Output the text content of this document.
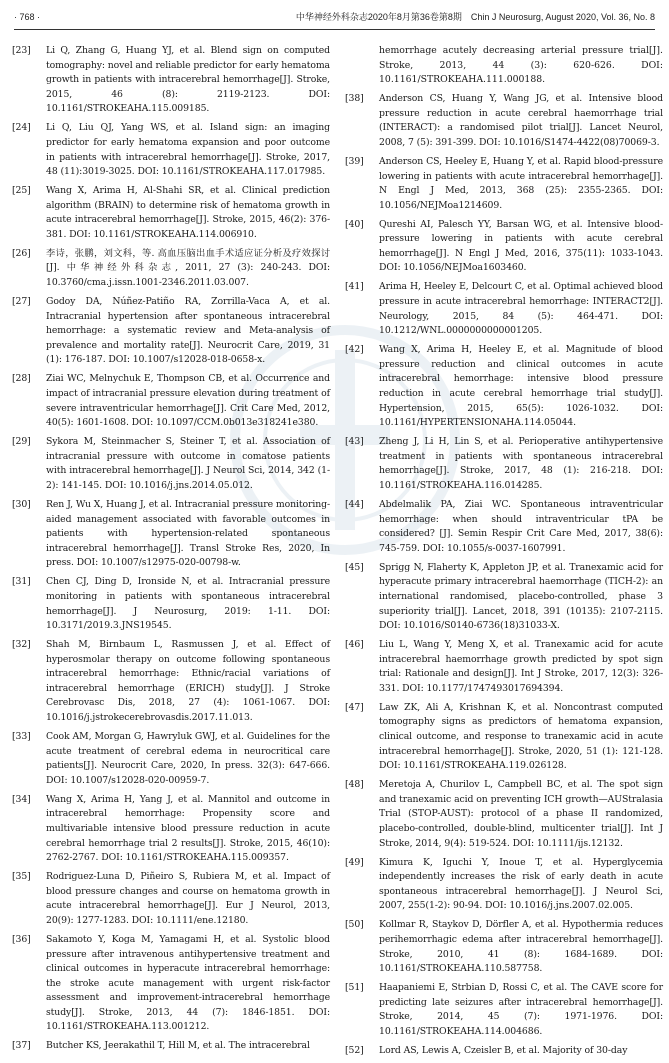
· 768 ·	中华神经外科杂志2020年8月第36卷第8期　Chin J Neurosurg, August 2020, Vol. 36, No. 8
[23]	Li Q, Zhang G, Huang YJ, et al. Blend sign on computed tomography: novel and reliable predictor for early hematoma growth in patients with intracerebral hemorrhage[J]. Stroke, 2015, 46 (8): 2119-2123. DOI: 10.1161/STROKEAHA.115.009185.
[24]	Li Q, Liu QJ, Yang WS, et al. Island sign: an imaging predictor for early hematoma expansion and poor outcome in patients with intracerebral hemorrhage[J]. Stroke, 2017, 48 (11):3019-3025. DOI: 10.1161/STROKEAHA.117.017985.
[25]	Wang X, Arima H, Al-Shahi SR, et al. Clinical prediction algorithm (BRAIN) to determine risk of hematoma growth in acute intracerebral hemorrhage[J]. Stroke, 2015, 46(2): 376-381. DOI: 10.1161/STROKEAHA.114.006910.
[26]	李诗，张鹏，刘文科，等. 高血压脑出血手术适应证分析及疗效探讨[J]. 中华神经外科杂志, 2011, 27 (3): 240-243. DOI: 10.3760/cma.j.issn.1001-2346.2011.03.007.
[27]	Godoy DA, Núñez-Patiño RA, Zorrilla-Vaca A, et al. Intracranial hypertension after spontaneous intracerebral hemorrhage: a systematic review and Meta-analysis of prevalence and mortality rate[J]. Neurocrit Care, 2019, 31 (1): 176-187. DOI: 10.1007/s12028-018-0658-x.
[28]	Ziai WC, Melnychuk E, Thompson CB, et al. Occurrence and impact of intracranial pressure elevation during treatment of severe intraventricular hemorrhage[J]. Crit Care Med, 2012, 40(5): 1601-1608. DOI: 10.1097/CCM.0b013e318241e380.
[29]	Sykora M, Steinmacher S, Steiner T, et al. Association of intracranial pressure with outcome in comatose patients with intracerebral hemorrhage[J]. J Neurol Sci, 2014, 342 (1-2): 141-145. DOI: 10.1016/j.jns.2014.05.012.
[30]	Ren J, Wu X, Huang J, et al. Intracranial pressure monitoring-aided management associated with favorable outcomes in patients with hypertension-related spontaneous intracerebral hemorrhage[J]. Transl Stroke Res, 2020, In press. DOI: 10.1007/s12975-020-00798-w.
[31]	Chen CJ, Ding D, Ironside N, et al. Intracranial pressure monitoring in patients with spontaneous intracerebral hemorrhage[J]. J Neurosurg, 2019: 1-11. DOI: 10.3171/2019.3.JNS19545.
[32]	Shah M, Birnbaum L, Rasmussen J, et al. Effect of hyperosmolar therapy on outcome following spontaneous intracerebral hemorrhage: Ethnic/racial variations of intracerebral hemorrhage (ERICH) study[J]. J Stroke Cerebrovasc Dis, 2018, 27 (4): 1061-1067. DOI: 10.1016/j.jstrokecerebrovasdis.2017.11.013.
[33]	Cook AM, Morgan G, Hawryluk GWJ, et al. Guidelines for the acute treatment of cerebral edema in neurocritical care patients[J]. Neurocrit Care, 2020, In press. 32(3): 647-666. DOI: 10.1007/s12028-020-00959-7.
[34]	Wang X, Arima H, Yang J, et al. Mannitol and outcome in intracerebral hemorrhage: Propensity score and multivariable intensive blood pressure reduction in acute cerebral hemorrhage trial 2 results[J]. Stroke, 2015, 46(10): 2762-2767. DOI: 10.1161/STROKEAHA.115.009357.
[35]	Rodriguez-Luna D, Piñeiro S, Rubiera M, et al. Impact of blood pressure changes and course on hematoma growth in acute intracerebral hemorrhage[J]. Eur J Neurol, 2013, 20(9): 1277-1283. DOI: 10.1111/ene.12180.
[36]	Sakamoto Y, Koga M, Yamagami H, et al. Systolic blood pressure after intravenous antihypertensive treatment and clinical outcomes in hyperacute intracerebral hemorrhage: the stroke acute management with urgent risk-factor assessment and improvement-intracerebral hemorrhage study[J]. Stroke, 2013, 44 (7): 1846-1851. DOI: 10.1161/STROKEAHA.113.001212.
[37]	Butcher KS, Jeerakathil T, Hill M, et al. The intracerebral
hemorrhage acutely decreasing arterial pressure trial[J]. Stroke, 2013, 44 (3): 620-626. DOI: 10.1161/STROKEAHA.111.000188.
[38]	Anderson CS, Huang Y, Wang JG, et al. Intensive blood pressure reduction in acute cerebral haemorrhage trial (INTERACT): a randomised pilot trial[J]. Lancet Neurol, 2008, 7 (5): 391-399. DOI: 10.1016/S1474-4422(08)70069-3.
[39]	Anderson CS, Heeley E, Huang Y, et al. Rapid blood-pressure lowering in patients with acute intracerebral hemorrhage[J]. N Engl J Med, 2013, 368 (25): 2355-2365. DOI: 10.1056/NEJMoa1214609.
[40]	Qureshi AI, Palesch YY, Barsan WG, et al. Intensive blood-pressure lowering in patients with acute cerebral hemorrhage[J]. N Engl J Med, 2016, 375(11): 1033-1043. DOI: 10.1056/NEJMoa1603460.
[41]	Arima H, Heeley E, Delcourt C, et al. Optimal achieved blood pressure in acute intracerebral hemorrhage: INTERACT2[J]. Neurology, 2015, 84 (5): 464-471. DOI: 10.1212/WNL.0000000000001205.
[42]	Wang X, Arima H, Heeley E, et al. Magnitude of blood pressure reduction and clinical outcomes in acute intracerebral hemorrhage: intensive blood pressure reduction in acute cerebral hemorrhage trial study[J]. Hypertension, 2015, 65(5): 1026-1032. DOI: 10.1161/HYPERTENSIONAHA.114.05044.
[43]	Zheng J, Li H, Lin S, et al. Perioperative antihypertensive treatment in patients with spontaneous intracerebral hemorrhage[J]. Stroke, 2017, 48 (1): 216-218. DOI: 10.1161/STROKEAHA.116.014285.
[44]	Abdelmalik PA, Ziai WC. Spontaneous intraventricular hemorrhage: when should intraventricular tPA be considered? [J]. Semin Respir Crit Care Med, 2017, 38(6): 745-759. DOI: 10.1055/s-0037-1607991.
[45]	Sprigg N, Flaherty K, Appleton JP, et al. Tranexamic acid for hyperacute primary intracerebral haemorrhage (TICH-2): an international randomised, placebo-controlled, phase 3 superiority trial[J]. Lancet, 2018, 391 (10135): 2107-2115. DOI: 10.1016/S0140-6736(18)31033-X.
[46]	Liu L, Wang Y, Meng X, et al. Tranexamic acid for acute intracerebral haemorrhage growth predicted by spot sign trial: Rationale and design[J]. Int J Stroke, 2017, 12(3): 326-331. DOI: 10.1177/1747493017694394.
[47]	Law ZK, Ali A, Krishnan K, et al. Noncontrast computed tomography signs as predictors of hematoma expansion, clinical outcome, and response to tranexamic acid in acute intracerebral hemorrhage[J]. Stroke, 2020, 51 (1): 121-128. DOI: 10.1161/STROKEAHA.119.026128.
[48]	Meretoja A, Churilov L, Campbell BC, et al. The spot sign and tranexamic acid on preventing ICH growth—AUStralasia Trial (STOP-AUST): protocol of a phase II randomized, placebo-controlled, double-blind, multicenter trial[J]. Int J Stroke, 2014, 9(4): 519-524. DOI: 10.1111/ijs.12132.
[49]	Kimura K, Iguchi Y, Inoue T, et al. Hyperglycemia independently increases the risk of early death in acute spontaneous intracerebral hemorrhage[J]. J Neurol Sci, 2007, 255(1-2): 90-94. DOI: 10.1016/j.jns.2007.02.005.
[50]	Kollmar R, Staykov D, Dörfler A, et al. Hypothermia reduces perihemorrhagic edema after intracerebral hemorrhage[J]. Stroke, 2010, 41 (8): 1684-1689. DOI: 10.1161/STROKEAHA.110.587758.
[51]	Haapaniemi E, Strbian D, Rossi C, et al. The CAVE score for predicting late seizures after intracerebral hemorrhage[J]. Stroke, 2014, 45 (7): 1971-1976. DOI: 10.1161/STROKEAHA.114.004686.
[52]	Lord AS, Lewis A, Czeisler B, et al. Majority of 30-day
